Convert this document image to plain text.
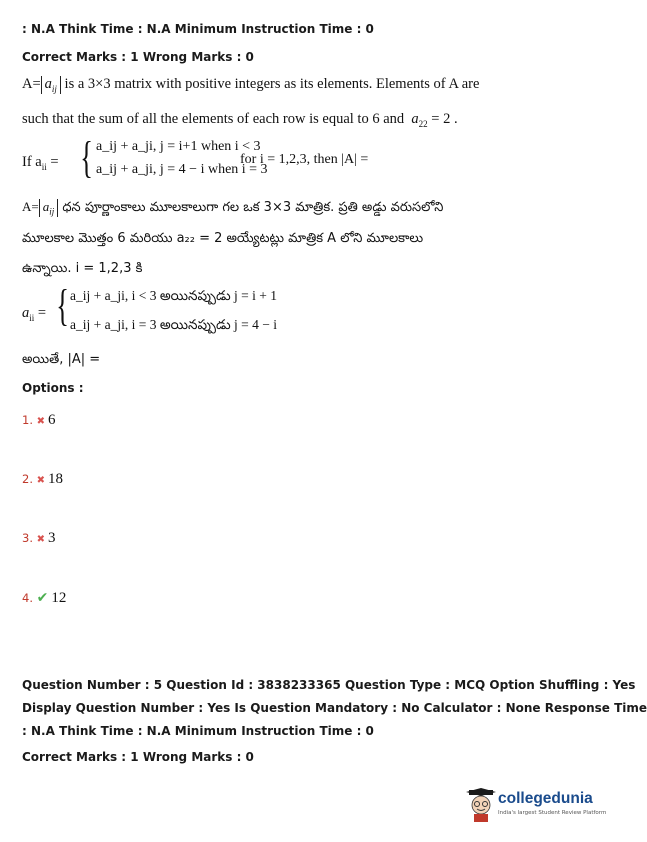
: N.A Think Time : N.A Minimum Instruction Time : 0
Correct Marks : 1 Wrong Marks : 0
$A= a_{ij}$ is a 3×3 matrix with positive integers as its elements. Elements of A are
such that the sum of all the elements of each row is equal to 6 and $a_{22} = 2$ .
If $a_{ii}$ = { a_ij + a_ji, j = i+1 when i < 3
a_ij + a_ji, j = 4 − i when i = 3
for i = 1,2,3, then |A| =
$A= a_{ij}$ ధన పూర్ణాంకాలు మూలకాలుగా గల ఒక 3×3 మాత్రిక. ప్రతి అడ్డు వరుసలోని
మూలకాల మొత్తం 6 మరియు a₂₂ = 2 అయ్యేటట్లు మాత్రిక A లోని మూలకాలు
ఉన్నాయి. i = 1,2,3 కి
$a_{ii}$ = { a_ij + a_ji, i < 3 అయినప్పుడు j = i + 1
a_ij + a_ji, i = 3 అయినప్పుడు j = 4 − i
అయితే, |A| =
Options :
1. ✖ 6
2. ✖ 18
3. ✖ 3
4. ✔ 12
Question Number : 5 Question Id : 3838233365 Question Type : MCQ Option Shuffling : Yes
Display Question Number : Yes Is Question Mandatory : No Calculator : None Response Time
: N.A Think Time : N.A Minimum Instruction Time : 0
Correct Marks : 1 Wrong Marks : 0
collegedunia
India's largest Student Review Platform
